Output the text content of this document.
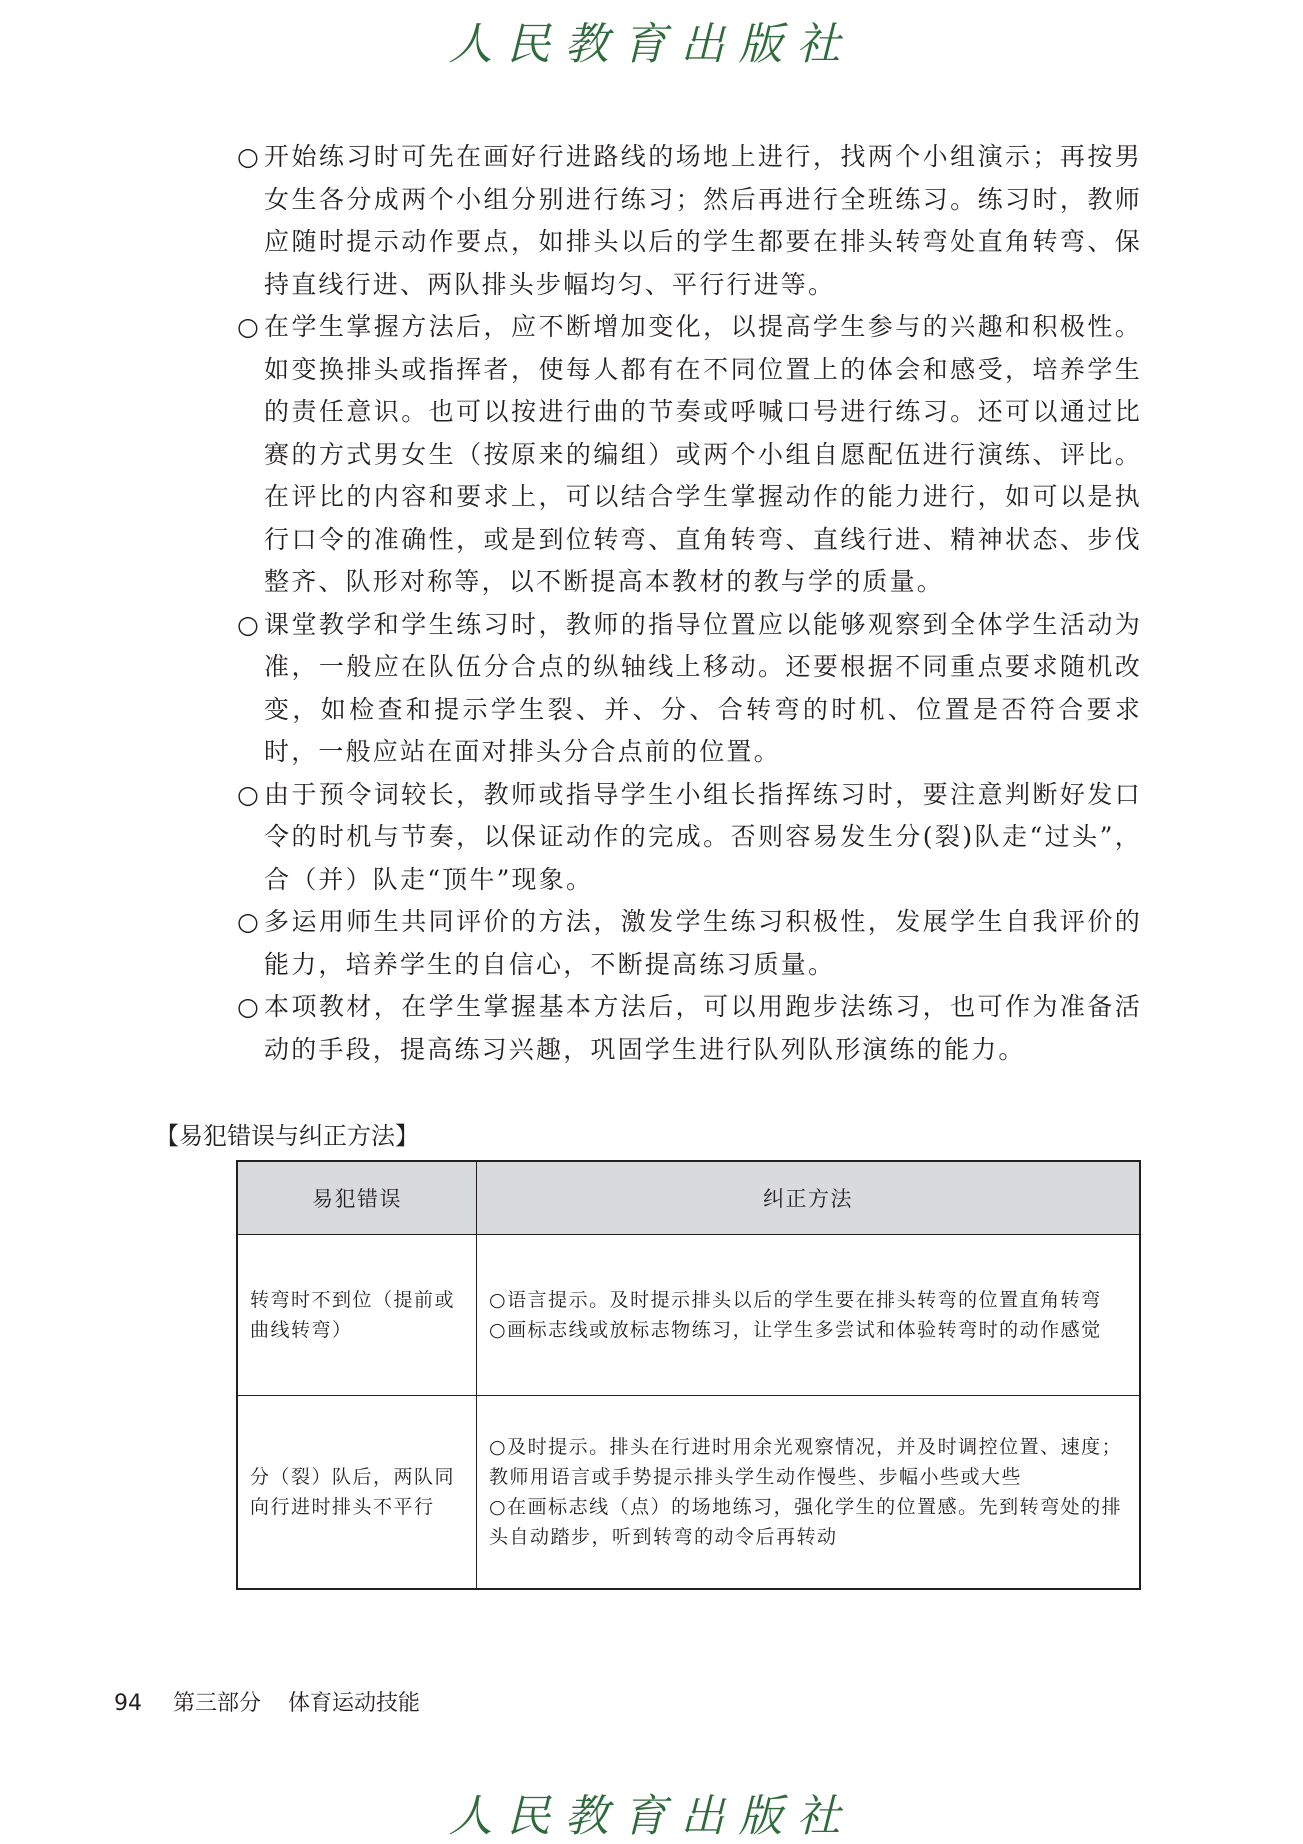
人民教育出版社
○ 开始练习时可先在画好行进路线的场地上进行，找两个小组演示；再按男女生各分成两个小组分别进行练习；然后再进行全班练习。练习时，教师应随时提示动作要点，如排头以后的学生都要在排头转弯处直角转弯、保持直线行进、两队排头步幅均匀、平行行进等。
○ 在学生掌握方法后，应不断增加变化，以提高学生参与的兴趣和积极性。如变换排头或指挥者，使每人都有在不同位置上的体会和感受，培养学生的责任意识。也可以按进行曲的节奏或呼喊口号进行练习。还可以通过比赛的方式男女生（按原来的编组）或两个小组自愿配伍进行演练、评比。在评比的内容和要求上，可以结合学生掌握动作的能力进行，如可以是执行口令的准确性，或是到位转弯、直角转弯、直线行进、精神状态、步伐整齐、队形对称等，以不断提高本教材的教与学的质量。
○ 课堂教学和学生练习时，教师的指导位置应以能够观察到全体学生活动为准，一般应在队伍分合点的纵轴线上移动。还要根据不同重点要求随机改变，如检查和提示学生裂、并、分、合转弯的时机、位置是否符合要求时，一般应站在面对排头分合点前的位置。
○ 由于预令词较长，教师或指导学生小组长指挥练习时，要注意判断好发口令的时机与节奏，以保证动作的完成。否则容易发生分(裂)队走“过头”，合（并）队走“顶牛”现象。
○ 多运用师生共同评价的方法，激发学生练习积极性，发展学生自我评价的能力，培养学生的自信心，不断提高练习质量。
○ 本项教材，在学生掌握基本方法后，可以用跑步法练习，也可作为准备活动的手段，提高练习兴趣，巩固学生进行队列队形演练的能力。
【易犯错误与纠正方法】
易犯错误	纠正方法
转弯时不到位（提前或曲线转弯）	○语言提示。及时提示排头以后的学生要在排头转弯的位置直角转弯
○画标志线或放标志物练习，让学生多尝试和体验转弯时的动作感觉

分（裂）队后，两队同向行进时排头不平行	○及时提示。排头在行进时用余光观察情况，并及时调控位置、速度；教师用语言或手势提示排头学生动作慢些、步幅小些或大些
○在画标志线（点）的场地练习，强化学生的位置感。先到转弯处的排头自动踏步，听到转弯的动令后再转动
94 第三部分 体育运动技能
人民教育出版社
